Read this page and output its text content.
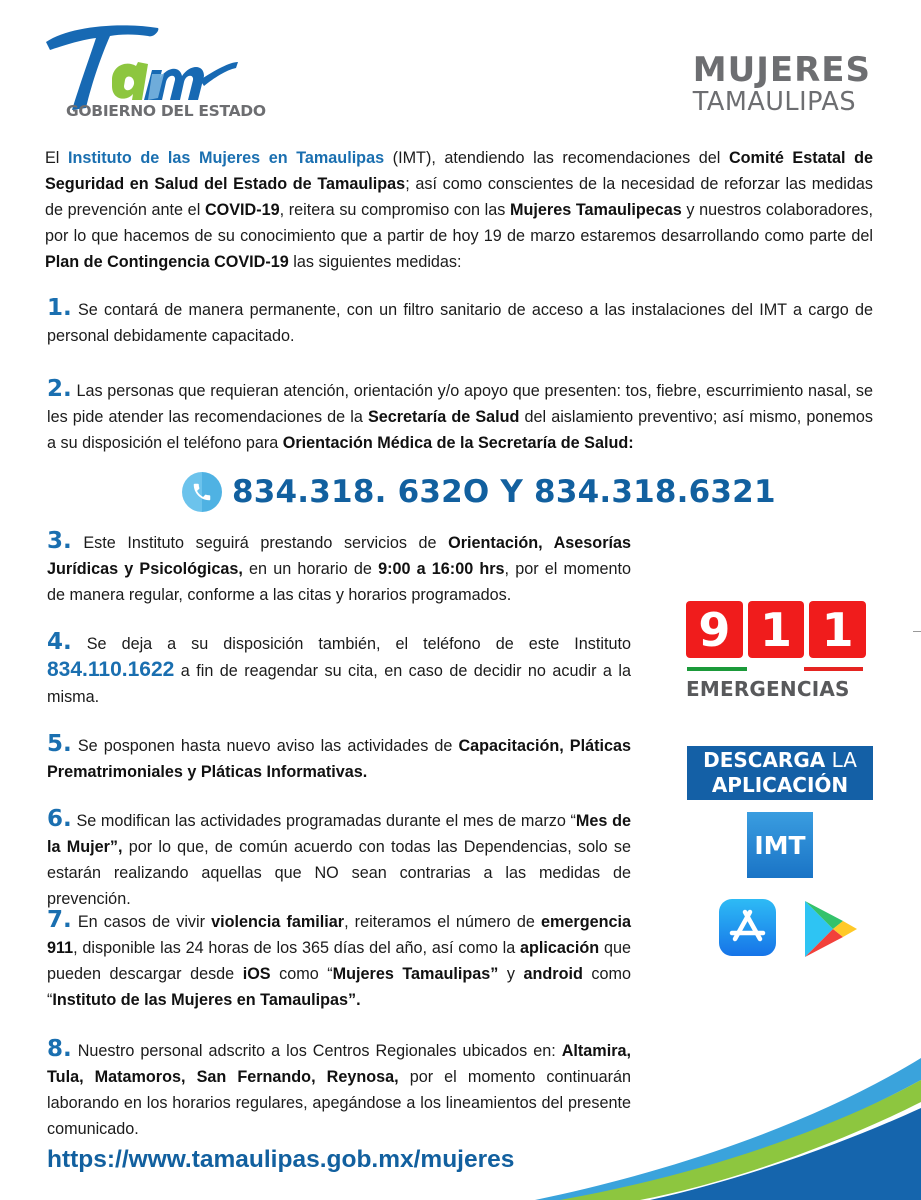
GOBIERNO DEL ESTADO
MUJERES
TAMAULIPAS
El Instituto de las Mujeres en Tamaulipas (IMT), atendiendo las recomendaciones del Comité Estatal de Seguridad en Salud del Estado de Tamaulipas; así como conscientes de la necesidad de reforzar las medidas de prevención ante el COVID-19, reitera su compromiso con las Mujeres Tamaulipecas y nuestros colaboradores, por lo que hacemos de su conocimiento que a partir de hoy 19 de marzo estaremos desarrollando como parte del Plan de Contingencia COVID-19 las siguientes medidas:
1. Se contará de manera permanente, con un filtro sanitario de acceso a las instalaciones del IMT a cargo de personal debidamente capacitado.
2. Las personas que requieran atención, orientación y/o apoyo que presenten: tos, fiebre, escurrimiento nasal, se les pide atender las recomendaciones de la Secretaría de Salud del aislamiento preventivo; así mismo, ponemos a su disposición el teléfono para Orientación Médica de la Secretaría de Salud:
834.318. 632O Y 834.318.6321
3. Este Instituto seguirá prestando servicios de Orientación, Asesorías Jurídicas y Psicológicas, en un horario de 9:00 a 16:00 hrs, por el momento de manera regular, conforme a las citas y horarios programados.
4. Se deja a su disposición también, el teléfono de este Instituto 834.110.1622 a fin de reagendar su cita, en caso de decidir no acudir a la misma.
5. Se posponen hasta nuevo aviso las actividades de Capacitación, Pláticas Prematrimoniales y Pláticas Informativas.
6. Se modifican las actividades programadas durante el mes de marzo “Mes de la Mujer”, por lo que, de común acuerdo con todas las Dependencias, solo se estarán realizando aquellas que NO sean contrarias a las medidas de prevención.
7. En casos de vivir violencia familiar, reiteramos el número de emergencia 911, disponible las 24 horas de los 365 días del año, así como la aplicación que pueden descargar desde iOS como “Mujeres Tamaulipas” y android como “Instituto de las Mujeres en Tamaulipas”.
8. Nuestro personal adscrito a los Centros Regionales ubicados en: Altamira, Tula, Matamoros, San Fernando, Reynosa, por el momento continuarán laborando en los horarios regulares, apegándose a los lineamientos del presente comunicado.
https://www.tamaulipas.gob.mx/mujeres
9 1 1
EMERGENCIAS
DESCARGA LA
APLICACIÓN
IMT
